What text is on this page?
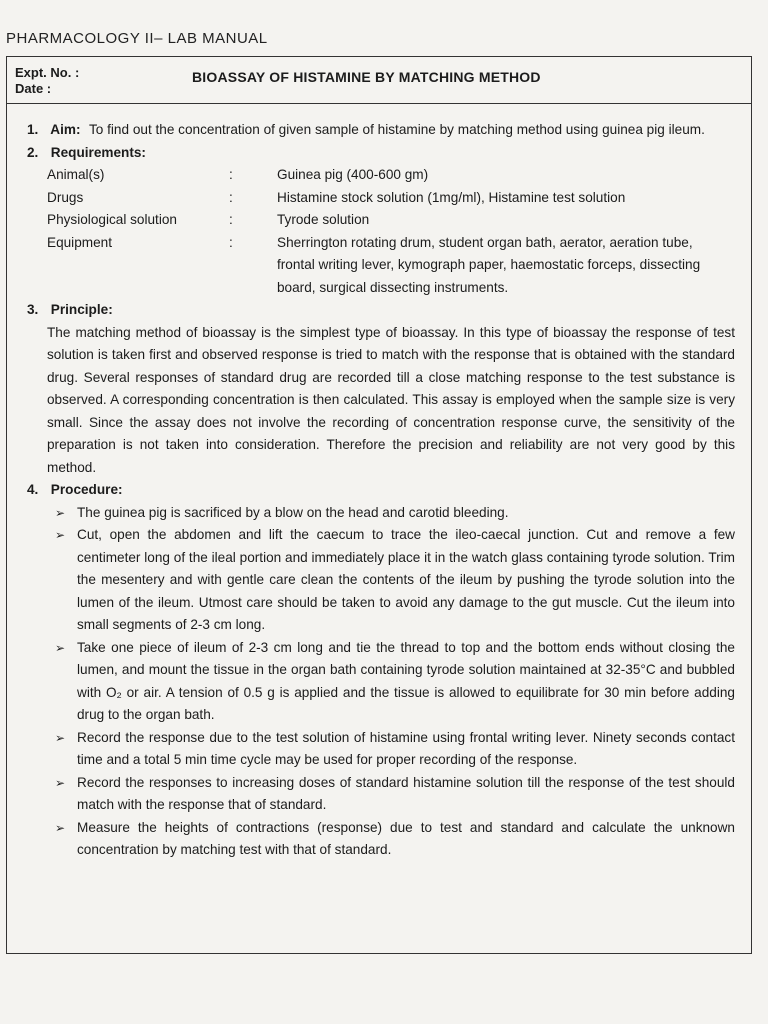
PHARMACOLOGY II– LAB MANUAL
Expt. No. :
Date :
BIOASSAY OF HISTAMINE BY MATCHING METHOD
1. Aim: To find out the concentration of given sample of histamine by matching method using guinea pig ileum.
2. Requirements:
Animal(s)	:	Guinea pig (400-600 gm)
Drugs	:	Histamine stock solution (1mg/ml), Histamine test solution
Physiological solution	:	Tyrode solution
Equipment	:	Sherrington rotating drum, student organ bath, aerator, aeration tube, frontal writing lever, kymograph paper, haemostatic forceps, dissecting board, surgical dissecting instruments.
3. Principle:
The matching method of bioassay is the simplest type of bioassay. In this type of bioassay the response of test solution is taken first and observed response is tried to match with the response that is obtained with the standard drug. Several responses of standard drug are recorded till a close matching response to the test substance is observed. A corresponding concentration is then calculated. This assay is employed when the sample size is very small. Since the assay does not involve the recording of concentration response curve, the sensitivity of the preparation is not taken into consideration. Therefore the precision and reliability are not very good by this method.
4. Procedure:
➢ The guinea pig is sacrificed by a blow on the head and carotid bleeding.
➢ Cut, open the abdomen and lift the caecum to trace the ileo-caecal junction. Cut and remove a few centimeter long of the ileal portion and immediately place it in the watch glass containing tyrode solution. Trim the mesentery and with gentle care clean the contents of the ileum by pushing the tyrode solution into the lumen of the ileum. Utmost care should be taken to avoid any damage to the gut muscle. Cut the ileum into small segments of 2-3 cm long.
➢ Take one piece of ileum of 2-3 cm long and tie the thread to top and the bottom ends without closing the lumen, and mount the tissue in the organ bath containing tyrode solution maintained at 32-35°C and bubbled with O₂ or air. A tension of 0.5 g is applied and the tissue is allowed to equilibrate for 30 min before adding drug to the organ bath.
➢ Record the response due to the test solution of histamine using frontal writing lever. Ninety seconds contact time and a total 5 min time cycle may be used for proper recording of the response.
➢ Record the responses to increasing doses of standard histamine solution till the response of the test should match with the response that of standard.
➢ Measure the heights of contractions (response) due to test and standard and calculate the unknown concentration by matching test with that of standard.
